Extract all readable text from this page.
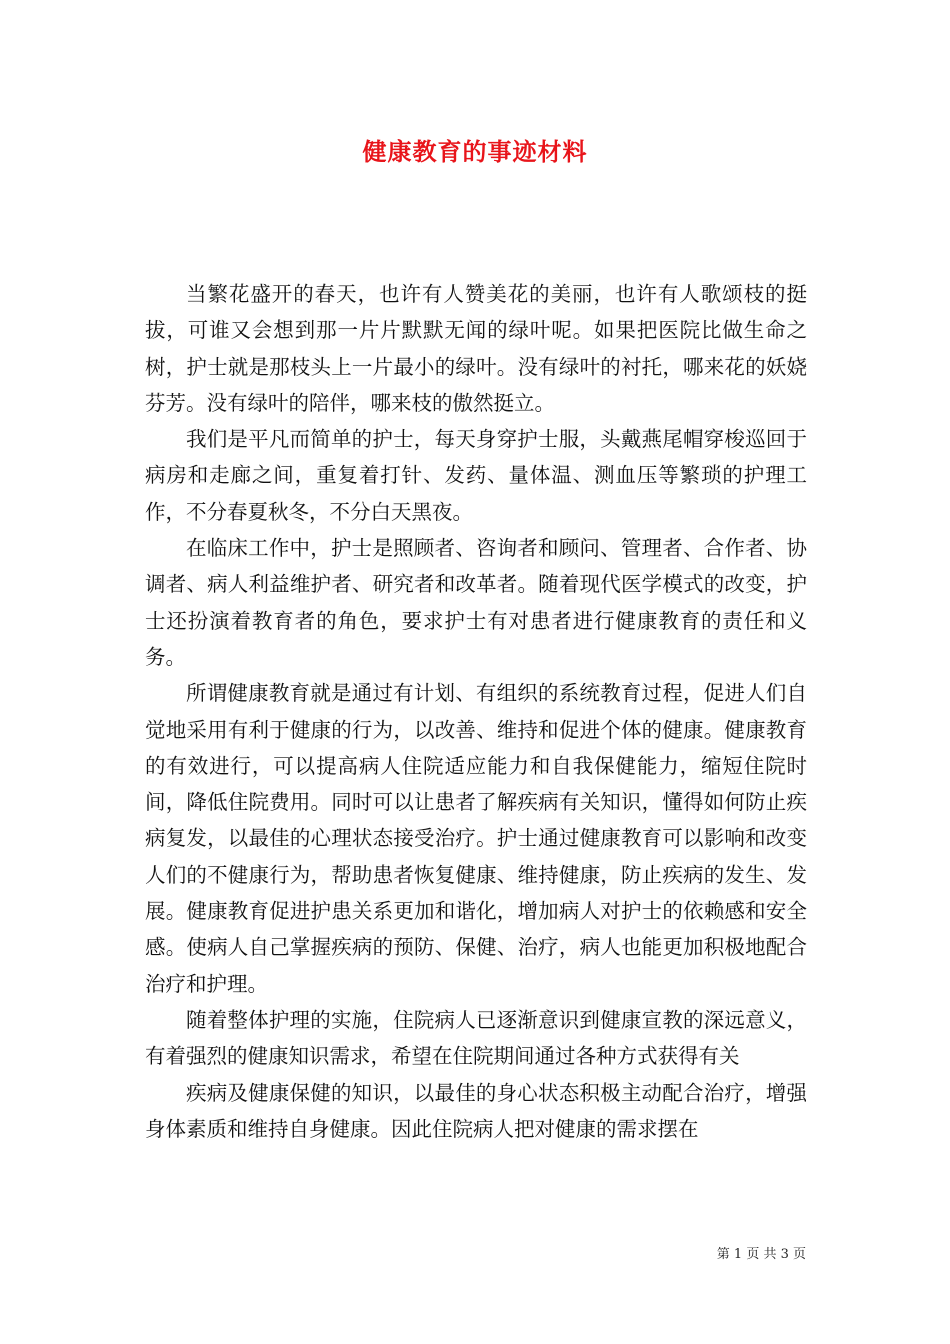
健康教育的事迹材料

当繁花盛开的春天，也许有人赞美花的美丽，也许有人歌颂枝的挺拔，可谁又会想到那一片片默默无闻的绿叶呢。如果把医院比做生命之树，护士就是那枝头上一片最小的绿叶。没有绿叶的衬托，哪来花的妖娆芬芳。没有绿叶的陪伴，哪来枝的傲然挺立。

我们是平凡而简单的护士，每天身穿护士服，头戴燕尾帽穿梭巡回于病房和走廊之间，重复着打针、发药、量体温、测血压等繁琐的护理工作，不分春夏秋冬，不分白天黑夜。

在临床工作中，护士是照顾者、咨询者和顾问、管理者、合作者、协调者、病人利益维护者、研究者和改革者。随着现代医学模式的改变，护士还扮演着教育者的角色，要求护士有对患者进行健康教育的责任和义务。

所谓健康教育就是通过有计划、有组织的系统教育过程，促进人们自觉地采用有利于健康的行为，以改善、维持和促进个体的健康。健康教育的有效进行，可以提高病人住院适应能力和自我保健能力，缩短住院时间，降低住院费用。同时可以让患者了解疾病有关知识，懂得如何防止疾病复发，以最佳的心理状态接受治疗。护士通过健康教育可以影响和改变人们的不健康行为，帮助患者恢复健康、维持健康，防止疾病的发生、发展。健康教育促进护患关系更加和谐化，增加病人对护士的依赖感和安全感。使病人自己掌握疾病的预防、保健、治疗，病人也能更加积极地配合治疗和护理。

随着整体护理的实施，住院病人已逐渐意识到健康宣教的深远意义，有着强烈的健康知识需求，希望在住院期间通过各种方式获得有关

疾病及健康保健的知识，以最佳的身心状态积极主动配合治疗，增强身体素质和维持自身健康。因此住院病人把对健康的需求摆在

第 1 页 共 3 页
